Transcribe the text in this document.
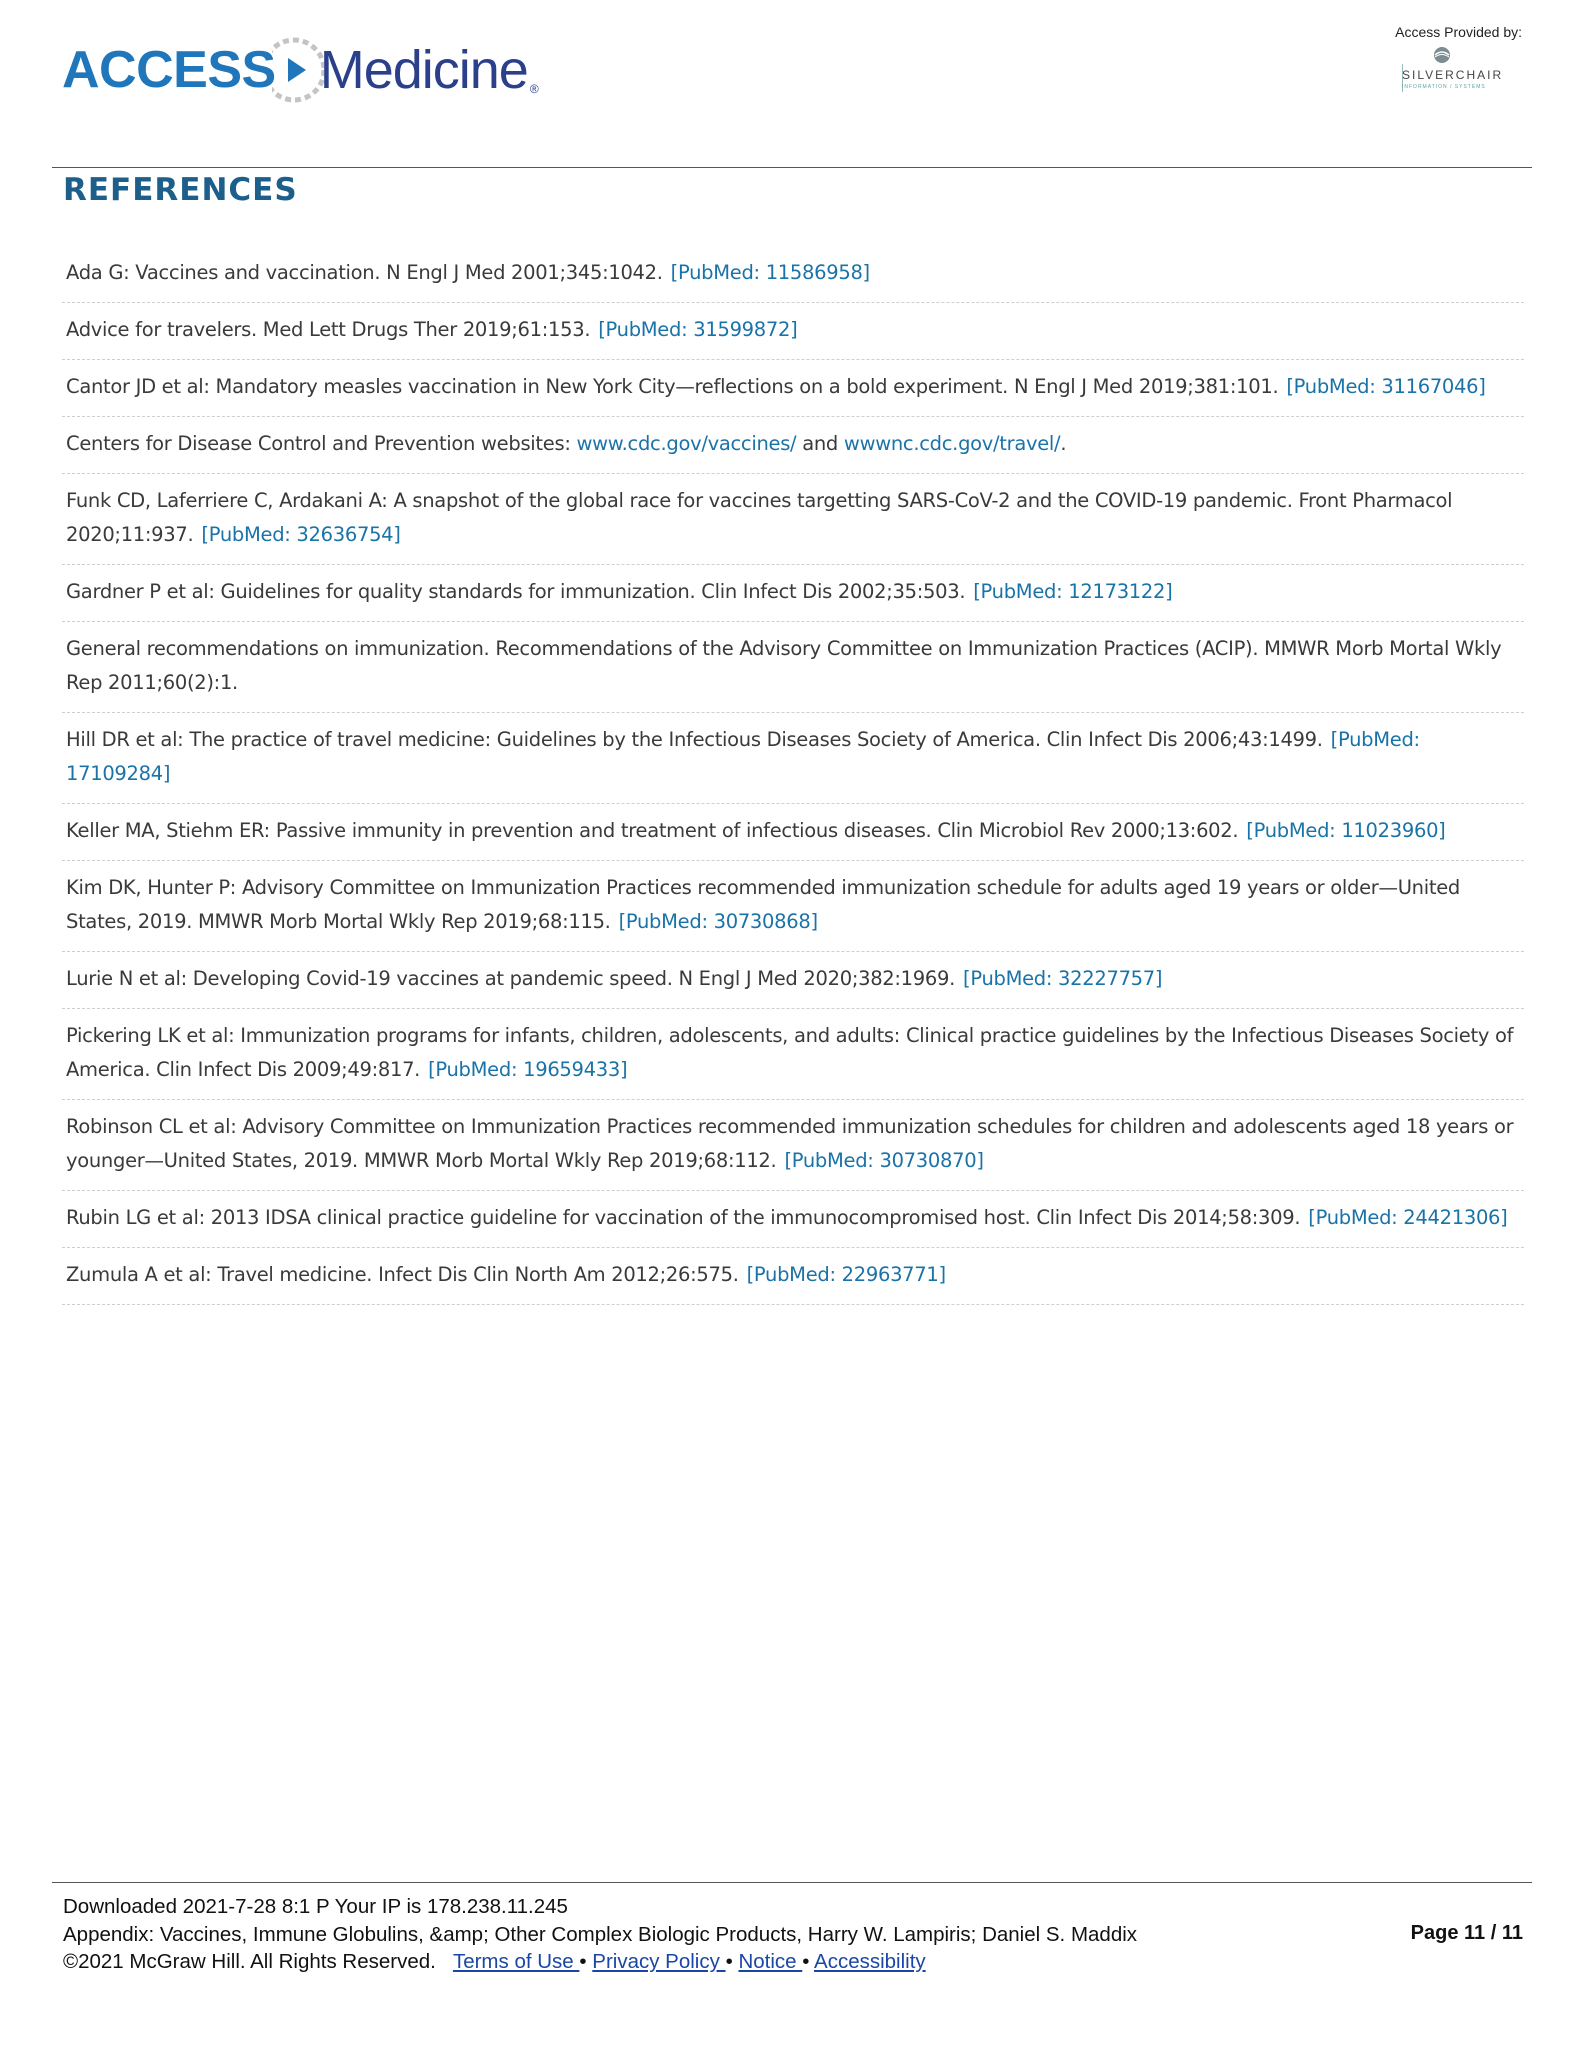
ACCESS Medicine ®
Access Provided by:
SILVERCHAIR
INFORMATION / SYSTEMS
REFERENCES
Ada G: Vaccines and vaccination. N Engl J Med 2001;345:1042. [PubMed: 11586958]
Advice for travelers. Med Lett Drugs Ther 2019;61:153. [PubMed: 31599872]
Cantor JD et al: Mandatory measles vaccination in New York City—reflections on a bold experiment. N Engl J Med 2019;381:101. [PubMed: 31167046]
Centers for Disease Control and Prevention websites: www.cdc.gov/vaccines/ and wwwnc.cdc.gov/travel/.
Funk CD, Laferriere C, Ardakani A: A snapshot of the global race for vaccines targetting SARS-CoV-2 and the COVID-19 pandemic. Front Pharmacol 2020;11:937. [PubMed: 32636754]
Gardner P et al: Guidelines for quality standards for immunization. Clin Infect Dis 2002;35:503. [PubMed: 12173122]
General recommendations on immunization. Recommendations of the Advisory Committee on Immunization Practices (ACIP). MMWR Morb Mortal Wkly Rep 2011;60(2):1.
Hill DR et al: The practice of travel medicine: Guidelines by the Infectious Diseases Society of America. Clin Infect Dis 2006;43:1499. [PubMed: 17109284]
Keller MA, Stiehm ER: Passive immunity in prevention and treatment of infectious diseases. Clin Microbiol Rev 2000;13:602. [PubMed: 11023960]
Kim DK, Hunter P: Advisory Committee on Immunization Practices recommended immunization schedule for adults aged 19 years or older—United States, 2019. MMWR Morb Mortal Wkly Rep 2019;68:115. [PubMed: 30730868]
Lurie N et al: Developing Covid-19 vaccines at pandemic speed. N Engl J Med 2020;382:1969. [PubMed: 32227757]
Pickering LK et al: Immunization programs for infants, children, adolescents, and adults: Clinical practice guidelines by the Infectious Diseases Society of America. Clin Infect Dis 2009;49:817. [PubMed: 19659433]
Robinson CL et al: Advisory Committee on Immunization Practices recommended immunization schedules for children and adolescents aged 18 years or younger—United States, 2019. MMWR Morb Mortal Wkly Rep 2019;68:112. [PubMed: 30730870]
Rubin LG et al: 2013 IDSA clinical practice guideline for vaccination of the immunocompromised host. Clin Infect Dis 2014;58:309. [PubMed: 24421306]
Zumula A et al: Travel medicine. Infect Dis Clin North Am 2012;26:575. [PubMed: 22963771]
Downloaded 2021-7-28 8:1 P Your IP is 178.238.11.245
Appendix: Vaccines, Immune Globulins, &amp; Other Complex Biologic Products, Harry W. Lampiris; Daniel S. Maddix
©2021 McGraw Hill. All Rights Reserved. Terms of Use • Privacy Policy • Notice • Accessibility
Page 11 / 11
